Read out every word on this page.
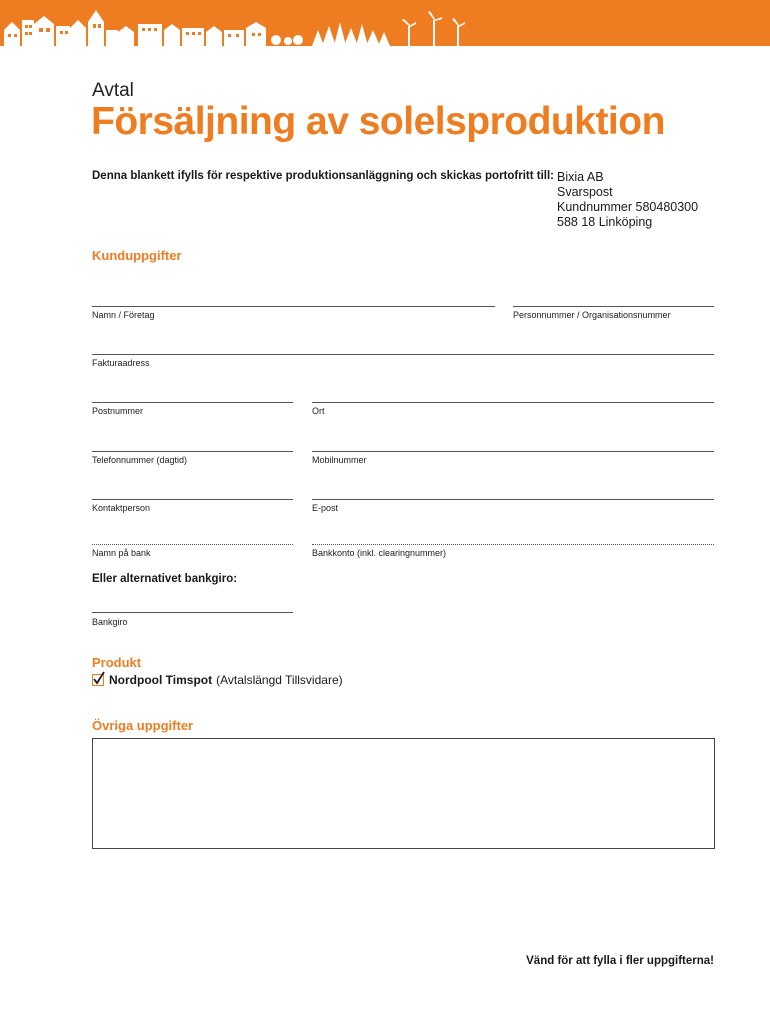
Avtal
Försäljning av solelsproduktion
Denna blankett ifylls för respektive produktionsanläggning och skickas portofritt till: Bixia AB
Svarspost
Kundnummer 580480300
588 18 Linköping
Kunduppgifter
Namn / Företag	Personnummer / Organisationsnummer
Fakturaadress
Postnummer	Ort
Telefonnummer (dagtid)	Mobilnummer
Kontaktperson	E-post
Namn på bank	Bankkonto (inkl. clearingnummer)
Eller alternativet bankgiro:
Bankgiro
Produkt
Nordpool Timspot (Avtalslängd Tillsvidare)
Övriga uppgifter
Vänd för att fylla i fler uppgifterna!
